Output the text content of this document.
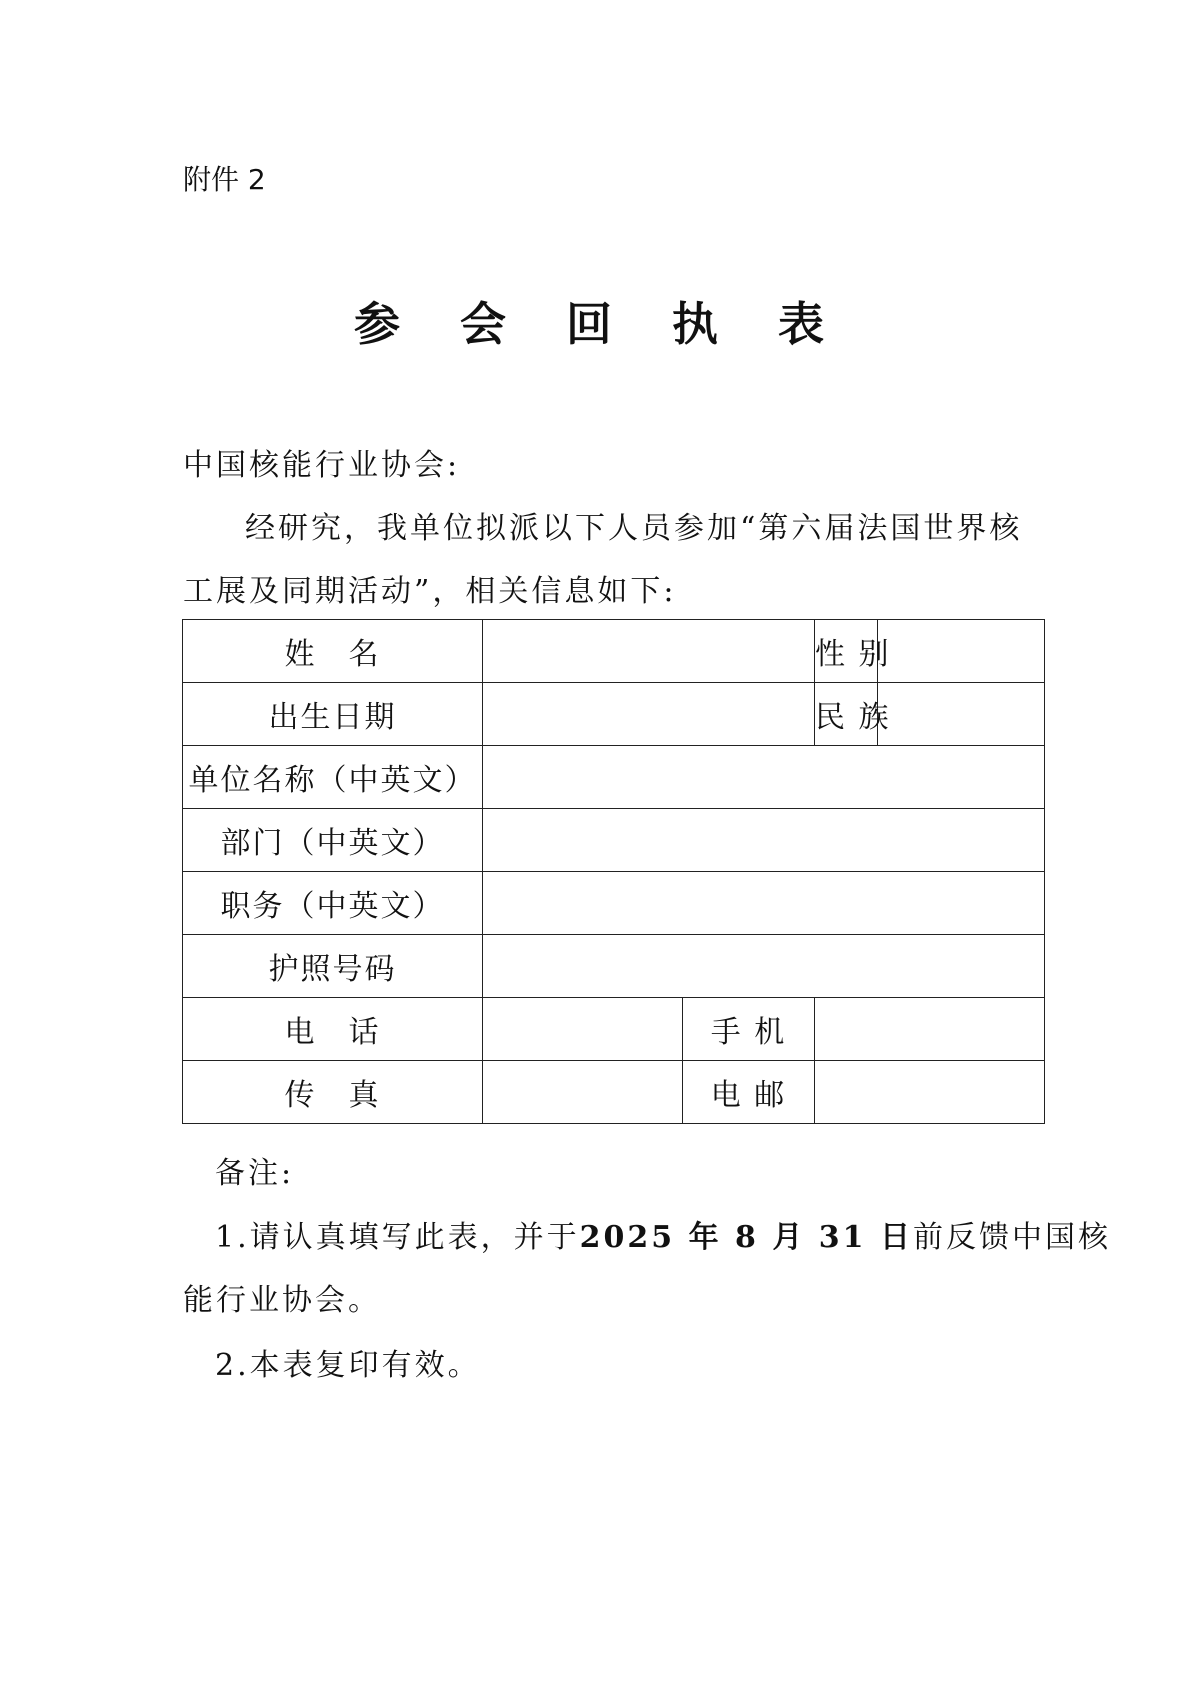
附件 2
参 会 回 执 表
中国核能行业协会:
经研究，我单位拟派以下人员参加“第六届法国世界核
工展及同期活动”，相关信息如下:
姓　名			性 别	
出生日期			民 族	
单位名称（中英文）				
部门（中英文）				
职务（中英文）				
护照号码				
电　话		手 机		
传　真		电 邮		
备注:
1.请认真填写此表，并于2025 年 8 月 31 日前反馈中国核
能行业协会。
2.本表复印有效。
